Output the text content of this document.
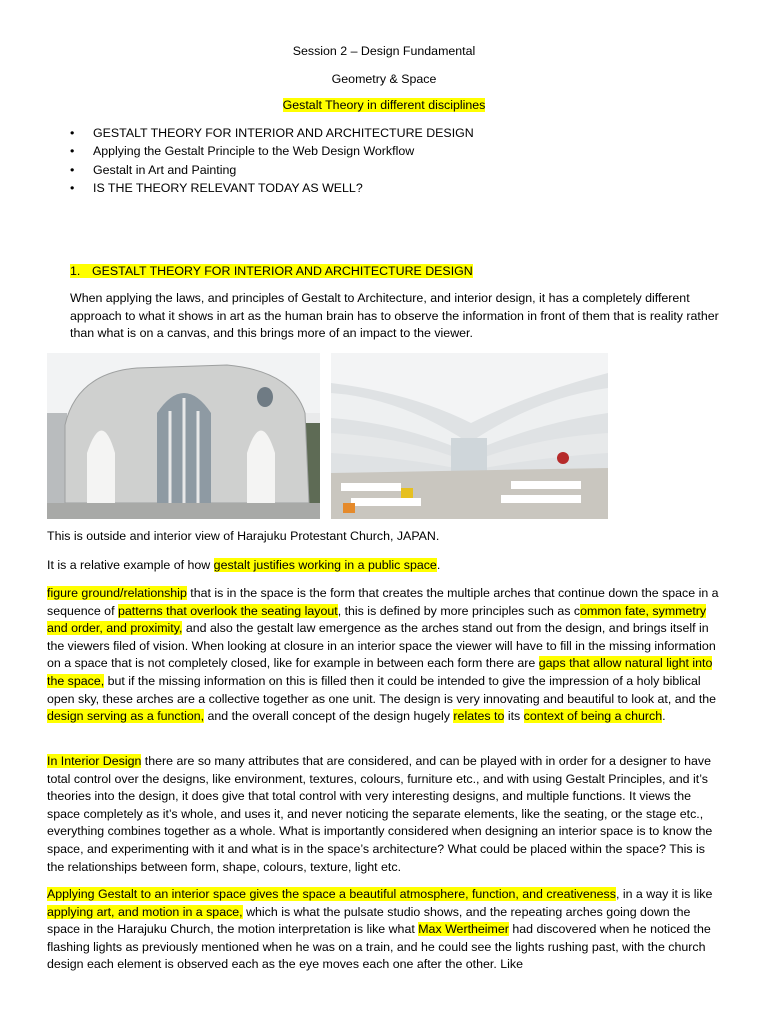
Session 2 – Design Fundamental
Geometry & Space
Gestalt Theory in different disciplines
• GESTALT THEORY FOR INTERIOR AND ARCHITECTURE DESIGN
• Applying the Gestalt Principle to the Web Design Workflow
• Gestalt in Art and Painting
• IS THE THEORY RELEVANT TODAY AS WELL?
1. GESTALT THEORY FOR INTERIOR AND ARCHITECTURE DESIGN

When applying the laws, and principles of Gestalt to Architecture, and interior design, it has a completely different approach to what it shows in art as the human brain has to observe the information in front of them that is reality rather than what is on a canvas, and this brings more of an impact to the viewer.

This is outside and interior view of Harajuku Protestant Church, JAPAN.

It is a relative example of how gestalt justifies working in a public space.

figure ground/relationship that is in the space is the form that creates the multiple arches that continue down the space in a sequence of patterns that overlook the seating layout, this is defined by more principles such as common fate, symmetry and order, and proximity, and also the gestalt law emergence as the arches stand out from the design, and brings itself in the viewers filed of vision. When looking at closure in an interior space the viewer will have to fill in the missing information on a space that is not completely closed, like for example in between each form there are gaps that allow natural light into the space, but if the missing information on this is filled then it could be intended to give the impression of a holy biblical open sky, these arches are a collective together as one unit. The design is very innovating and beautiful to look at, and the design serving as a function, and the overall concept of the design hugely relates to its context of being a church.

In Interior Design there are so many attributes that are considered, and can be played with in order for a designer to have total control over the designs, like environment, textures, colours, furniture etc., and with using Gestalt Principles, and it’s theories into the design, it does give that total control with very interesting designs, and multiple functions. It views the space completely as it’s whole, and uses it, and never noticing the separate elements, like the seating, or the stage etc., everything combines together as a whole. What is importantly considered when designing an interior space is to know the space, and experimenting with it and what is in the space’s architecture? What could be placed within the space? This is the relationships between form, shape, colours, texture, light etc.

Applying Gestalt to an interior space gives the space a beautiful atmosphere, function, and creativeness, in a way it is like applying art, and motion in a space, which is what the pulsate studio shows, and the repeating arches going down the space in the Harajuku Church, the motion interpretation is like what Max Wertheimer had discovered when he noticed the flashing lights as previously mentioned when he was on a train, and he could see the lights rushing past, with the church design each element is observed each as the eye moves each one after the other. Like
